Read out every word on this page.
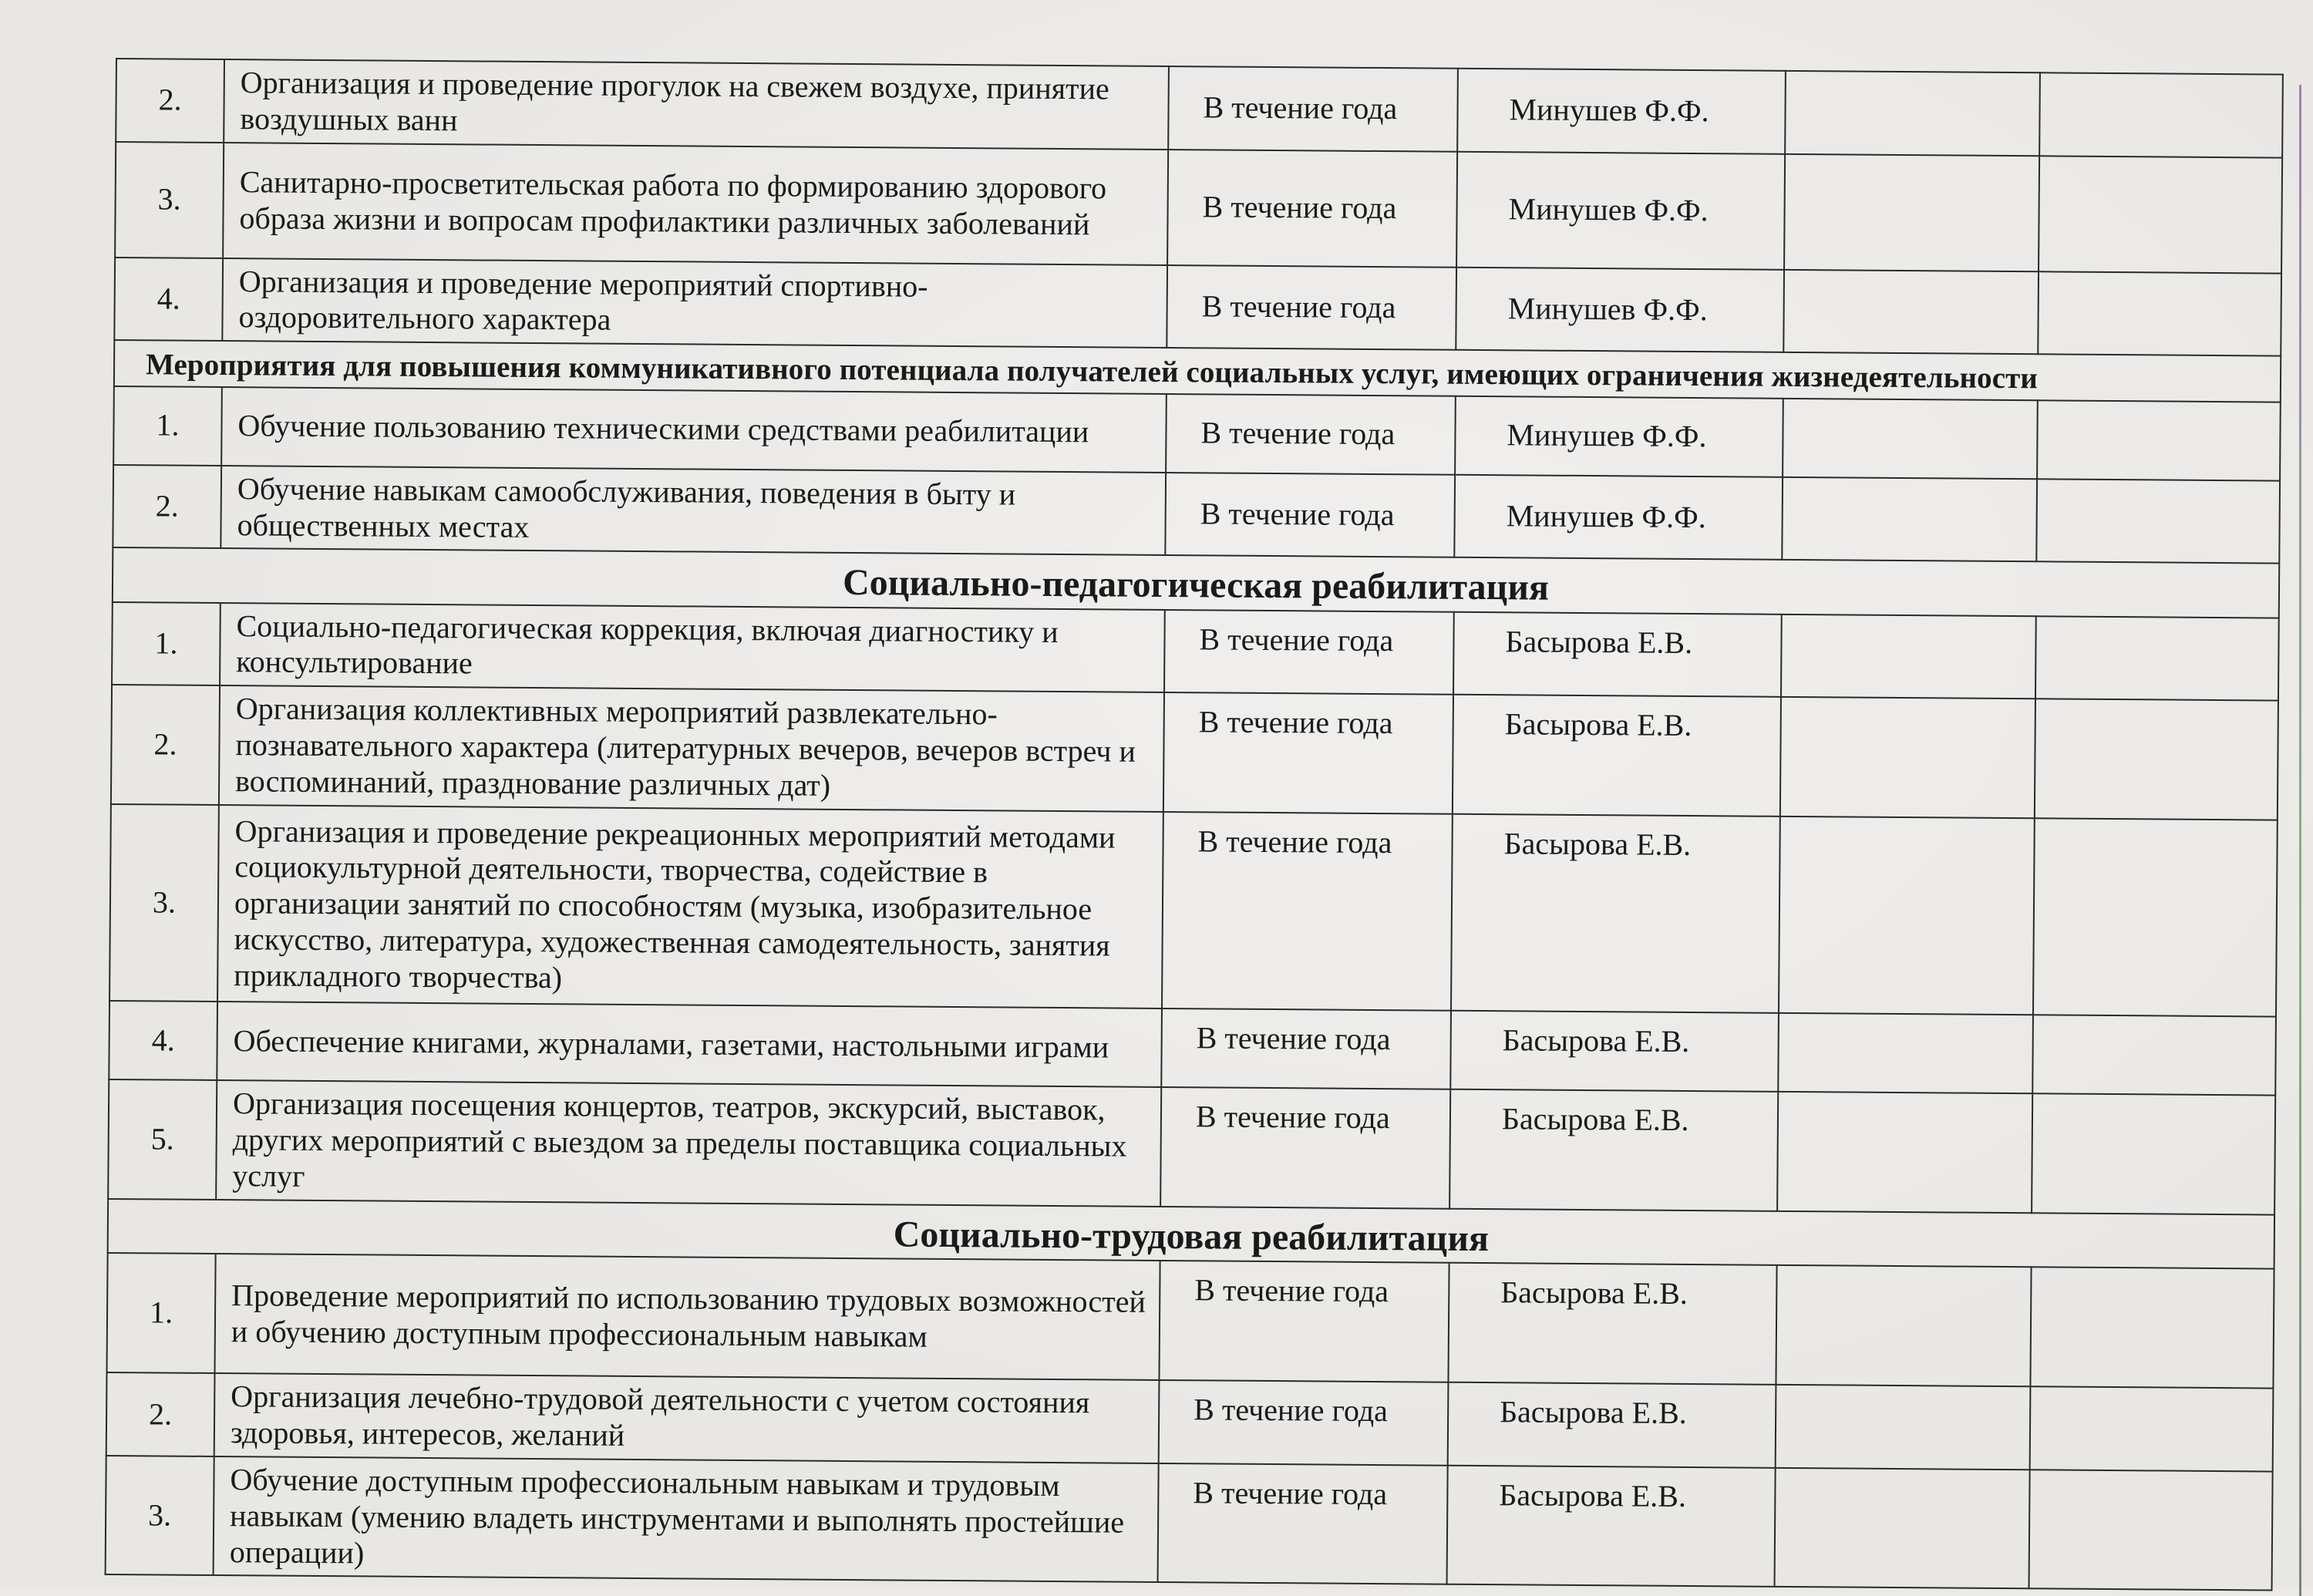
2.	Организация и проведение прогулок на свежем воздухе, принятие воздушных ванн	В течение года	Минушев Ф.Ф.		
3.	Санитарно-просветительская работа по формированию здорового образа жизни и вопросам профилактики различных заболеваний	В течение года	Минушев Ф.Ф.		
4.	Организация и проведение мероприятий спортивно-оздоровительного характера	В течение года	Минушев Ф.Ф.		
Мероприятия для повышения коммуникативного потенциала получателей социальных услуг, имеющих ограничения жизнедеятельности					
1.	Обучение пользованию техническими средствами реабилитации	В течение года	Минушев Ф.Ф.		
2.	Обучение навыкам самообслуживания, поведения в быту и общественных местах	В течение года	Минушев Ф.Ф.		
Социально-педагогическая реабилитация					
1.	Социально-педагогическая коррекция, включая диагностику и консультирование	В течение года	Басырова Е.В.		
2.	Организация коллективных мероприятий развлекательно-познавательного характера (литературных вечеров, вечеров встреч и воспоминаний, празднование различных дат)	В течение года	Басырова Е.В.		
3.	Организация и проведение рекреационных мероприятий методами социокультурной деятельности, творчества, содействие в организации занятий по способностям (музыка, изобразительное искусство, литература, художественная самодеятельность, занятия прикладного творчества)	В течение года	Басырова Е.В.		
4.	Обеспечение книгами, журналами, газетами, настольными играми	В течение года	Басырова Е.В.		
5.	Организация посещения концертов, театров, экскурсий, выставок, других мероприятий с выездом за пределы поставщика социальных услуг	В течение года	Басырова Е.В.		
Социально-трудовая реабилитация					
1.	Проведение мероприятий по использованию трудовых возможностей и обучению доступным профессиональным навыкам	В течение года	Басырова Е.В.		
2.	Организация лечебно-трудовой деятельности с учетом состояния здоровья, интересов, желаний	В течение года	Басырова Е.В.		
3.	Обучение доступным профессиональным навыкам и трудовым навыкам (умению владеть инструментами и выполнять простейшие операции)	В течение года	Басырова Е.В.		
